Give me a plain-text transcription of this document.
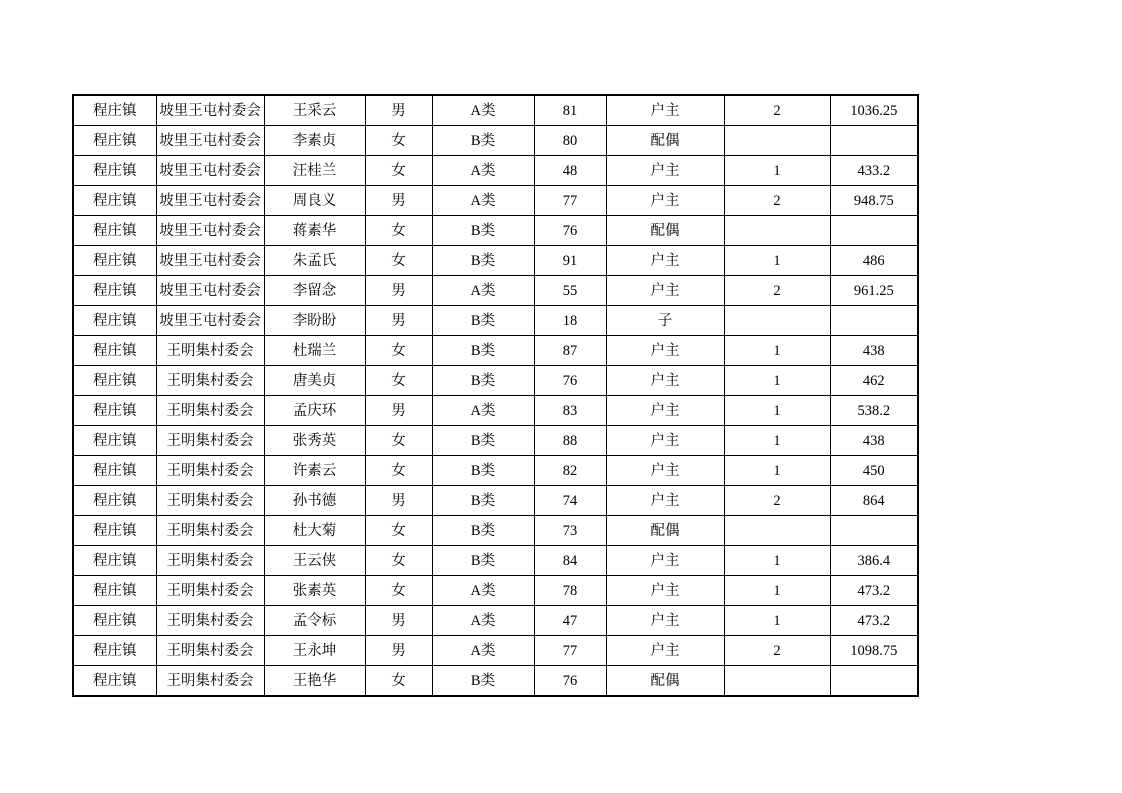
程庄镇	坡里王屯村委会	王采云	男	A类	81	户主	2	1036.25
程庄镇	坡里王屯村委会	李素贞	女	B类	80	配偶		
程庄镇	坡里王屯村委会	汪桂兰	女	A类	48	户主	1	433.2
程庄镇	坡里王屯村委会	周良义	男	A类	77	户主	2	948.75
程庄镇	坡里王屯村委会	蒋素华	女	B类	76	配偶		
程庄镇	坡里王屯村委会	朱孟氏	女	B类	91	户主	1	486
程庄镇	坡里王屯村委会	李留念	男	A类	55	户主	2	961.25
程庄镇	坡里王屯村委会	李盼盼	男	B类	18	子		
程庄镇	王明集村委会	杜瑞兰	女	B类	87	户主	1	438
程庄镇	王明集村委会	唐美贞	女	B类	76	户主	1	462
程庄镇	王明集村委会	孟庆环	男	A类	83	户主	1	538.2
程庄镇	王明集村委会	张秀英	女	B类	88	户主	1	438
程庄镇	王明集村委会	许素云	女	B类	82	户主	1	450
程庄镇	王明集村委会	孙书德	男	B类	74	户主	2	864
程庄镇	王明集村委会	杜大菊	女	B类	73	配偶		
程庄镇	王明集村委会	王云侠	女	B类	84	户主	1	386.4
程庄镇	王明集村委会	张素英	女	A类	78	户主	1	473.2
程庄镇	王明集村委会	孟令标	男	A类	47	户主	1	473.2
程庄镇	王明集村委会	王永坤	男	A类	77	户主	2	1098.75
程庄镇	王明集村委会	王艳华	女	B类	76	配偶		
